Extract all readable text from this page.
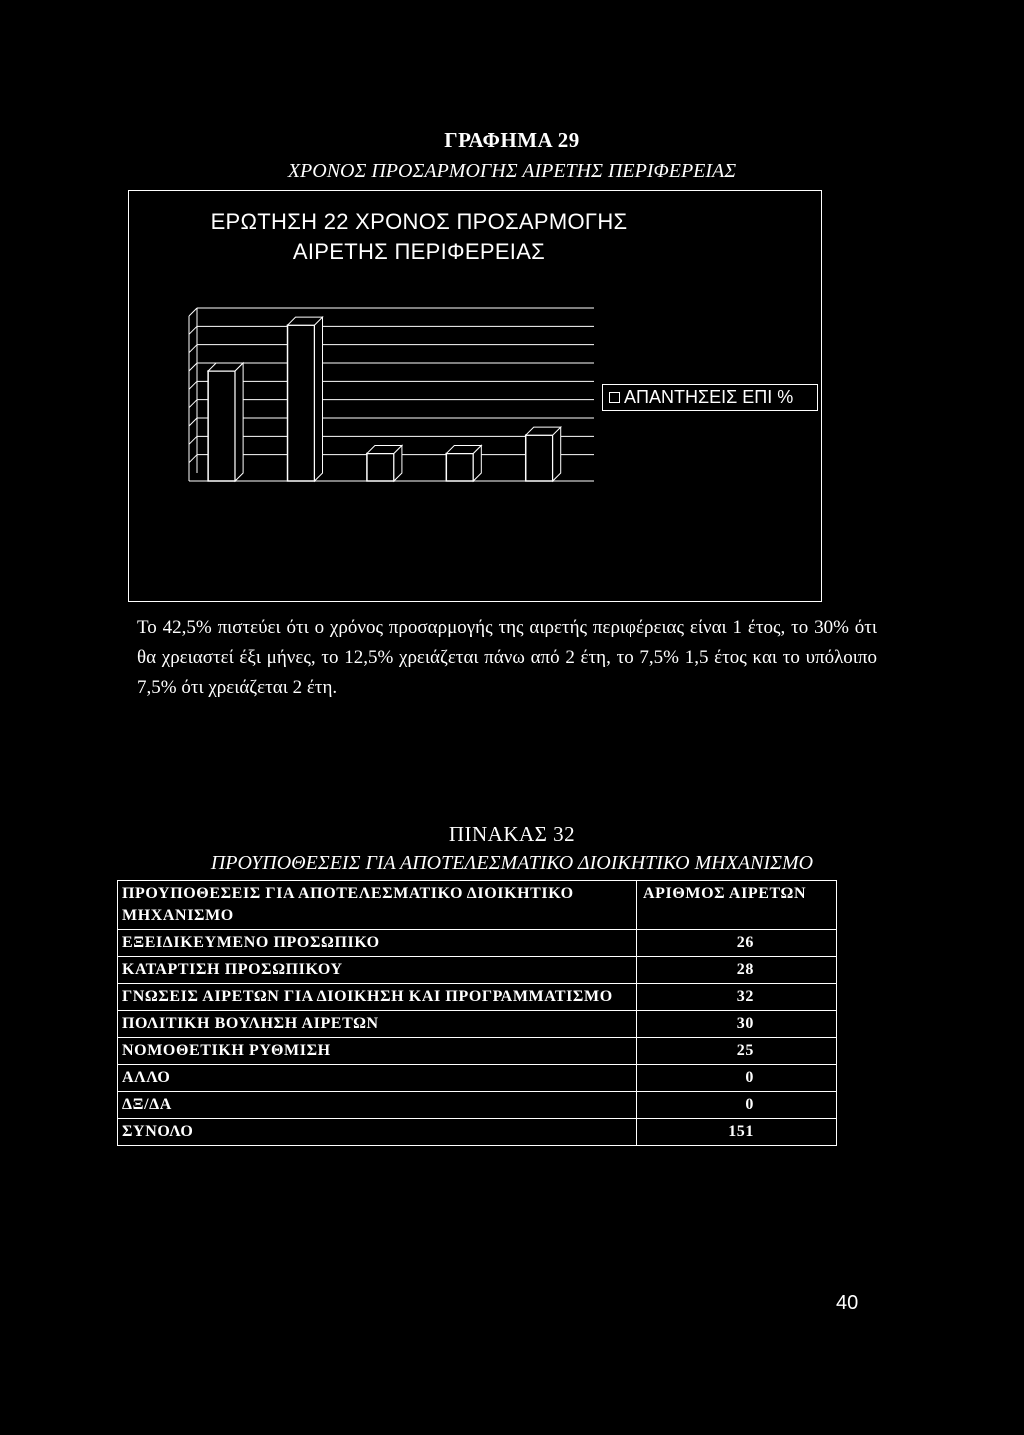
ΓΡΑΦΗΜΑ 29
ΧΡΟΝΟΣ ΠΡΟΣΑΡΜΟΓΗΣ ΑΙΡΕΤΗΣ ΠΕΡΙΦΕΡΕΙΑΣ
ΕΡΩΤΗΣΗ 22 ΧΡΟΝΟΣ ΠΡΟΣΑΡΜΟΓΗΣ
ΑΙΡΕΤΗΣ ΠΕΡΙΦΕΡΕΙΑΣ
ΑΠΑΝΤΗΣΕΙΣ ΕΠΙ %
Το 42,5% πιστεύει ότι ο χρόνος προσαρμογής της αιρετής περιφέρειας είναι 1 έτος, το 30% ότι θα χρειαστεί έξι μήνες, το 12,5% χρειάζεται πάνω από 2 έτη, το 7,5% 1,5 έτος και το υπόλοιπο 7,5% ότι χρειάζεται 2 έτη.
ΠΙΝΑΚΑΣ 32
ΠΡΟΥΠΟΘΕΣΕΙΣ ΓΙΑ ΑΠΟΤΕΛΕΣΜΑΤΙΚΟ ΔΙΟΙΚΗΤΙΚΟ ΜΗΧΑΝΙΣΜΟ
ΠΡΟΥΠΟΘΕΣΕΙΣ ΓΙΑ ΑΠΟΤΕΛΕΣΜΑΤΙΚΟ ΔΙΟΙΚΗΤΙΚΟ ΜΗΧΑΝΙΣΜΟ	ΑΡΙΘΜΟΣ ΑΙΡΕΤΩΝ
ΕΞΕΙΔΙΚΕΥΜΕΝΟ ΠΡΟΣΩΠΙΚΟ	26
ΚΑΤΑΡΤΙΣΗ ΠΡΟΣΩΠΙΚΟΥ	28
ΓΝΩΣΕΙΣ ΑΙΡΕΤΩΝ ΓΙΑ ΔΙΟΙΚΗΣΗ ΚΑΙ ΠΡΟΓΡΑΜΜΑΤΙΣΜΟ	32
ΠΟΛΙΤΙΚΗ ΒΟΥΛΗΣΗ ΑΙΡΕΤΩΝ	30
ΝΟΜΟΘΕΤΙΚΗ ΡΥΘΜΙΣΗ	25
ΑΛΛΟ	0
ΔΞ/ΔΑ	0
ΣΥΝΟΛΟ	151
40
